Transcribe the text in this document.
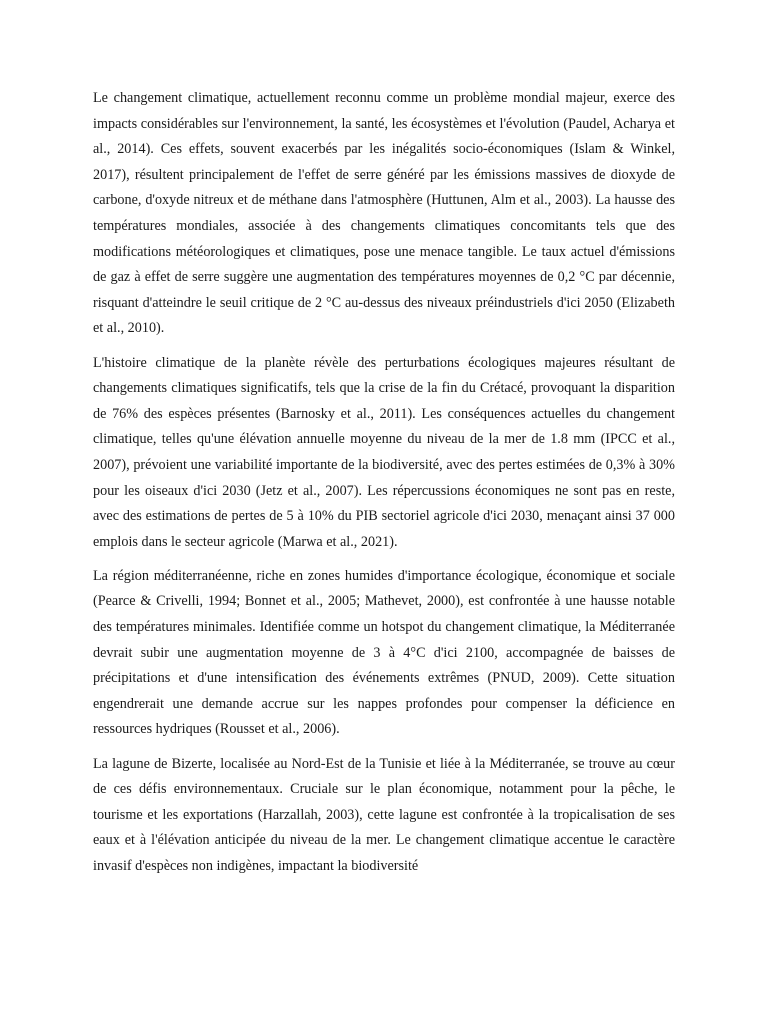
Le changement climatique, actuellement reconnu comme un problème mondial majeur, exerce des impacts considérables sur l'environnement, la santé, les écosystèmes et l'évolution (Paudel, Acharya et al., 2014). Ces effets, souvent exacerbés par les inégalités socio-économiques (Islam & Winkel, 2017), résultent principalement de l'effet de serre généré par les émissions massives de dioxyde de carbone, d'oxyde nitreux et de méthane dans l'atmosphère (Huttunen, Alm et al., 2003). La hausse des températures mondiales, associée à des changements climatiques concomitants tels que des modifications météorologiques et climatiques, pose une menace tangible. Le taux actuel d'émissions de gaz à effet de serre suggère une augmentation des températures moyennes de 0,2 °C par décennie, risquant d'atteindre le seuil critique de 2 °C au-dessus des niveaux préindustriels d'ici 2050 (Elizabeth et al., 2010).

L'histoire climatique de la planète révèle des perturbations écologiques majeures résultant de changements climatiques significatifs, tels que la crise de la fin du Crétacé, provoquant la disparition de 76% des espèces présentes (Barnosky et al., 2011). Les conséquences actuelles du changement climatique, telles qu'une élévation annuelle moyenne du niveau de la mer de 1.8 mm (IPCC et al., 2007), prévoient une variabilité importante de la biodiversité, avec des pertes estimées de 0,3% à 30% pour les oiseaux d'ici 2030 (Jetz et al., 2007). Les répercussions économiques ne sont pas en reste, avec des estimations de pertes de 5 à 10% du PIB sectoriel agricole d'ici 2030, menaçant ainsi 37 000 emplois dans le secteur agricole (Marwa et al., 2021).

La région méditerranéenne, riche en zones humides d'importance écologique, économique et sociale (Pearce & Crivelli, 1994; Bonnet et al., 2005; Mathevet, 2000), est confrontée à une hausse notable des températures minimales. Identifiée comme un hotspot du changement climatique, la Méditerranée devrait subir une augmentation moyenne de 3 à 4°C d'ici 2100, accompagnée de baisses de précipitations et d'une intensification des événements extrêmes (PNUD, 2009). Cette situation engendrerait une demande accrue sur les nappes profondes pour compenser la déficience en ressources hydriques (Rousset et al., 2006).

La lagune de Bizerte, localisée au Nord-Est de la Tunisie et liée à la Méditerranée, se trouve au cœur de ces défis environnementaux. Cruciale sur le plan économique, notamment pour la pêche, le tourisme et les exportations (Harzallah, 2003), cette lagune est confrontée à la tropicalisation de ses eaux et à l'élévation anticipée du niveau de la mer. Le changement climatique accentue le caractère invasif d'espèces non indigènes, impactant la biodiversité
